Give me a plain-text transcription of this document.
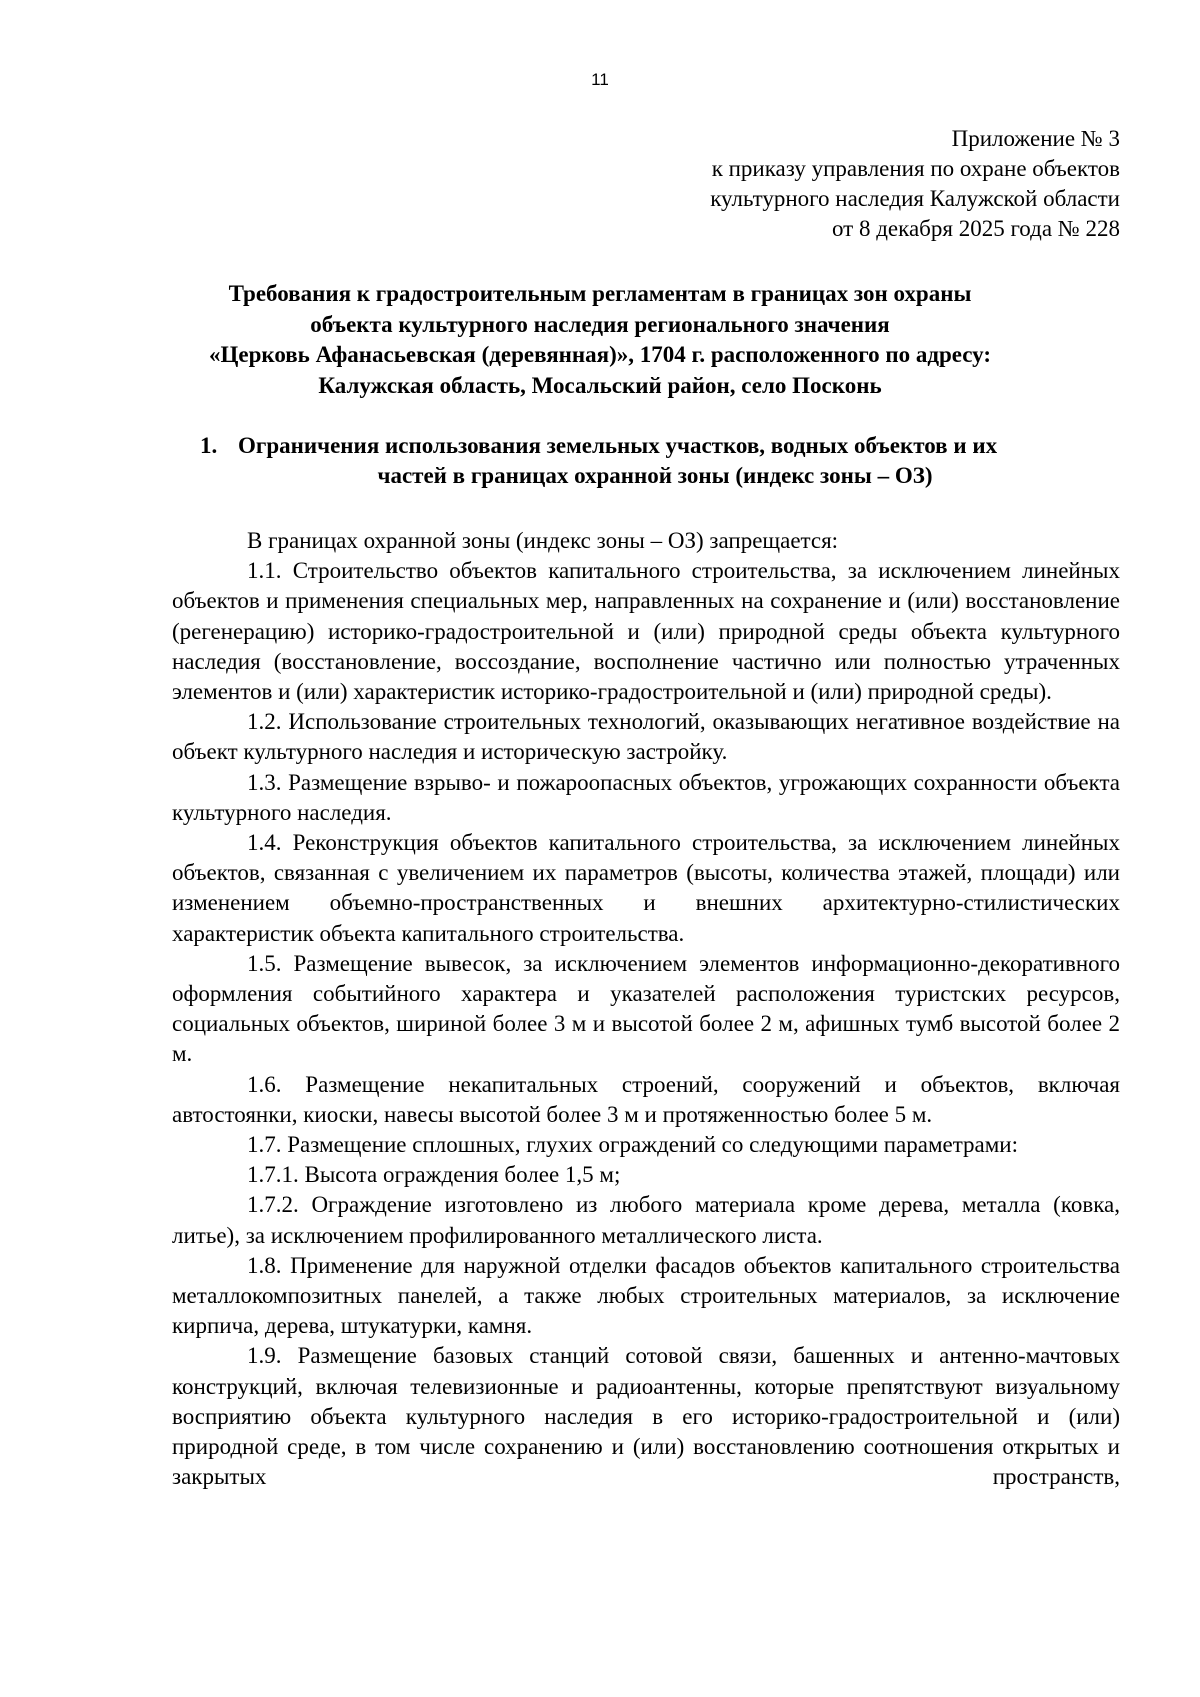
11
Приложение № 3
к приказу управления по охране объектов
культурного наследия Калужской области
от 8 декабря 2025 года № 228
Требования к градостроительным регламентам в границах зон охраны
объекта культурного наследия регионального значения
«Церковь Афанасьевская (деревянная)», 1704 г. расположенного по адресу:
Калужская область, Мосальский район, село Посконь
1. Ограничения использования земельных участков, водных объектов и их
частей в границах охранной зоны (индекс зоны – ОЗ)

В границах охранной зоны (индекс зоны – ОЗ) запрещается:

1.1. Строительство объектов капитального строительства, за исключением линейных объектов и применения специальных мер, направленных на сохранение и (или) восстановление (регенерацию) историко-градостроительной и (или) природной среды объекта культурного наследия (восстановление, воссоздание, восполнение частично или полностью утраченных элементов и (или) характеристик историко-градостроительной и (или) природной среды).

1.2. Использование строительных технологий, оказывающих негативное воздействие на объект культурного наследия и историческую застройку.

1.3. Размещение взрыво- и пожароопасных объектов, угрожающих сохранности объекта культурного наследия.

1.4. Реконструкция объектов капитального строительства, за исключением линейных объектов, связанная с увеличением их параметров (высоты, количества этажей, площади) или изменением объемно-пространственных и внешних архитектурно-стилистических характеристик объекта капитального строительства.

1.5. Размещение вывесок, за исключением элементов информационно-декоративного оформления событийного характера и указателей расположения туристских ресурсов, социальных объектов, шириной более 3 м и высотой более 2 м, афишных тумб высотой более 2 м.

1.6. Размещение некапитальных строений, сооружений и объектов, включая автостоянки, киоски, навесы высотой более 3 м и протяженностью более 5 м.

1.7. Размещение сплошных, глухих ограждений со следующими параметрами:

1.7.1. Высота ограждения более 1,5 м;

1.7.2. Ограждение изготовлено из любого материала кроме дерева, металла (ковка, литье), за исключением профилированного металлического листа.

1.8. Применение для наружной отделки фасадов объектов капитального строительства металлокомпозитных панелей, а также любых строительных материалов, за исключение кирпича, дерева, штукатурки, камня.

1.9. Размещение базовых станций сотовой связи, башенных и антенно-мачтовых конструкций, включая телевизионные и радиоантенны, которые препятствуют визуальному восприятию объекта культурного наследия в его историко-градостроительной и (или) природной среде, в том числе сохранению и (или) восстановлению соотношения открытых и закрытых пространств,
